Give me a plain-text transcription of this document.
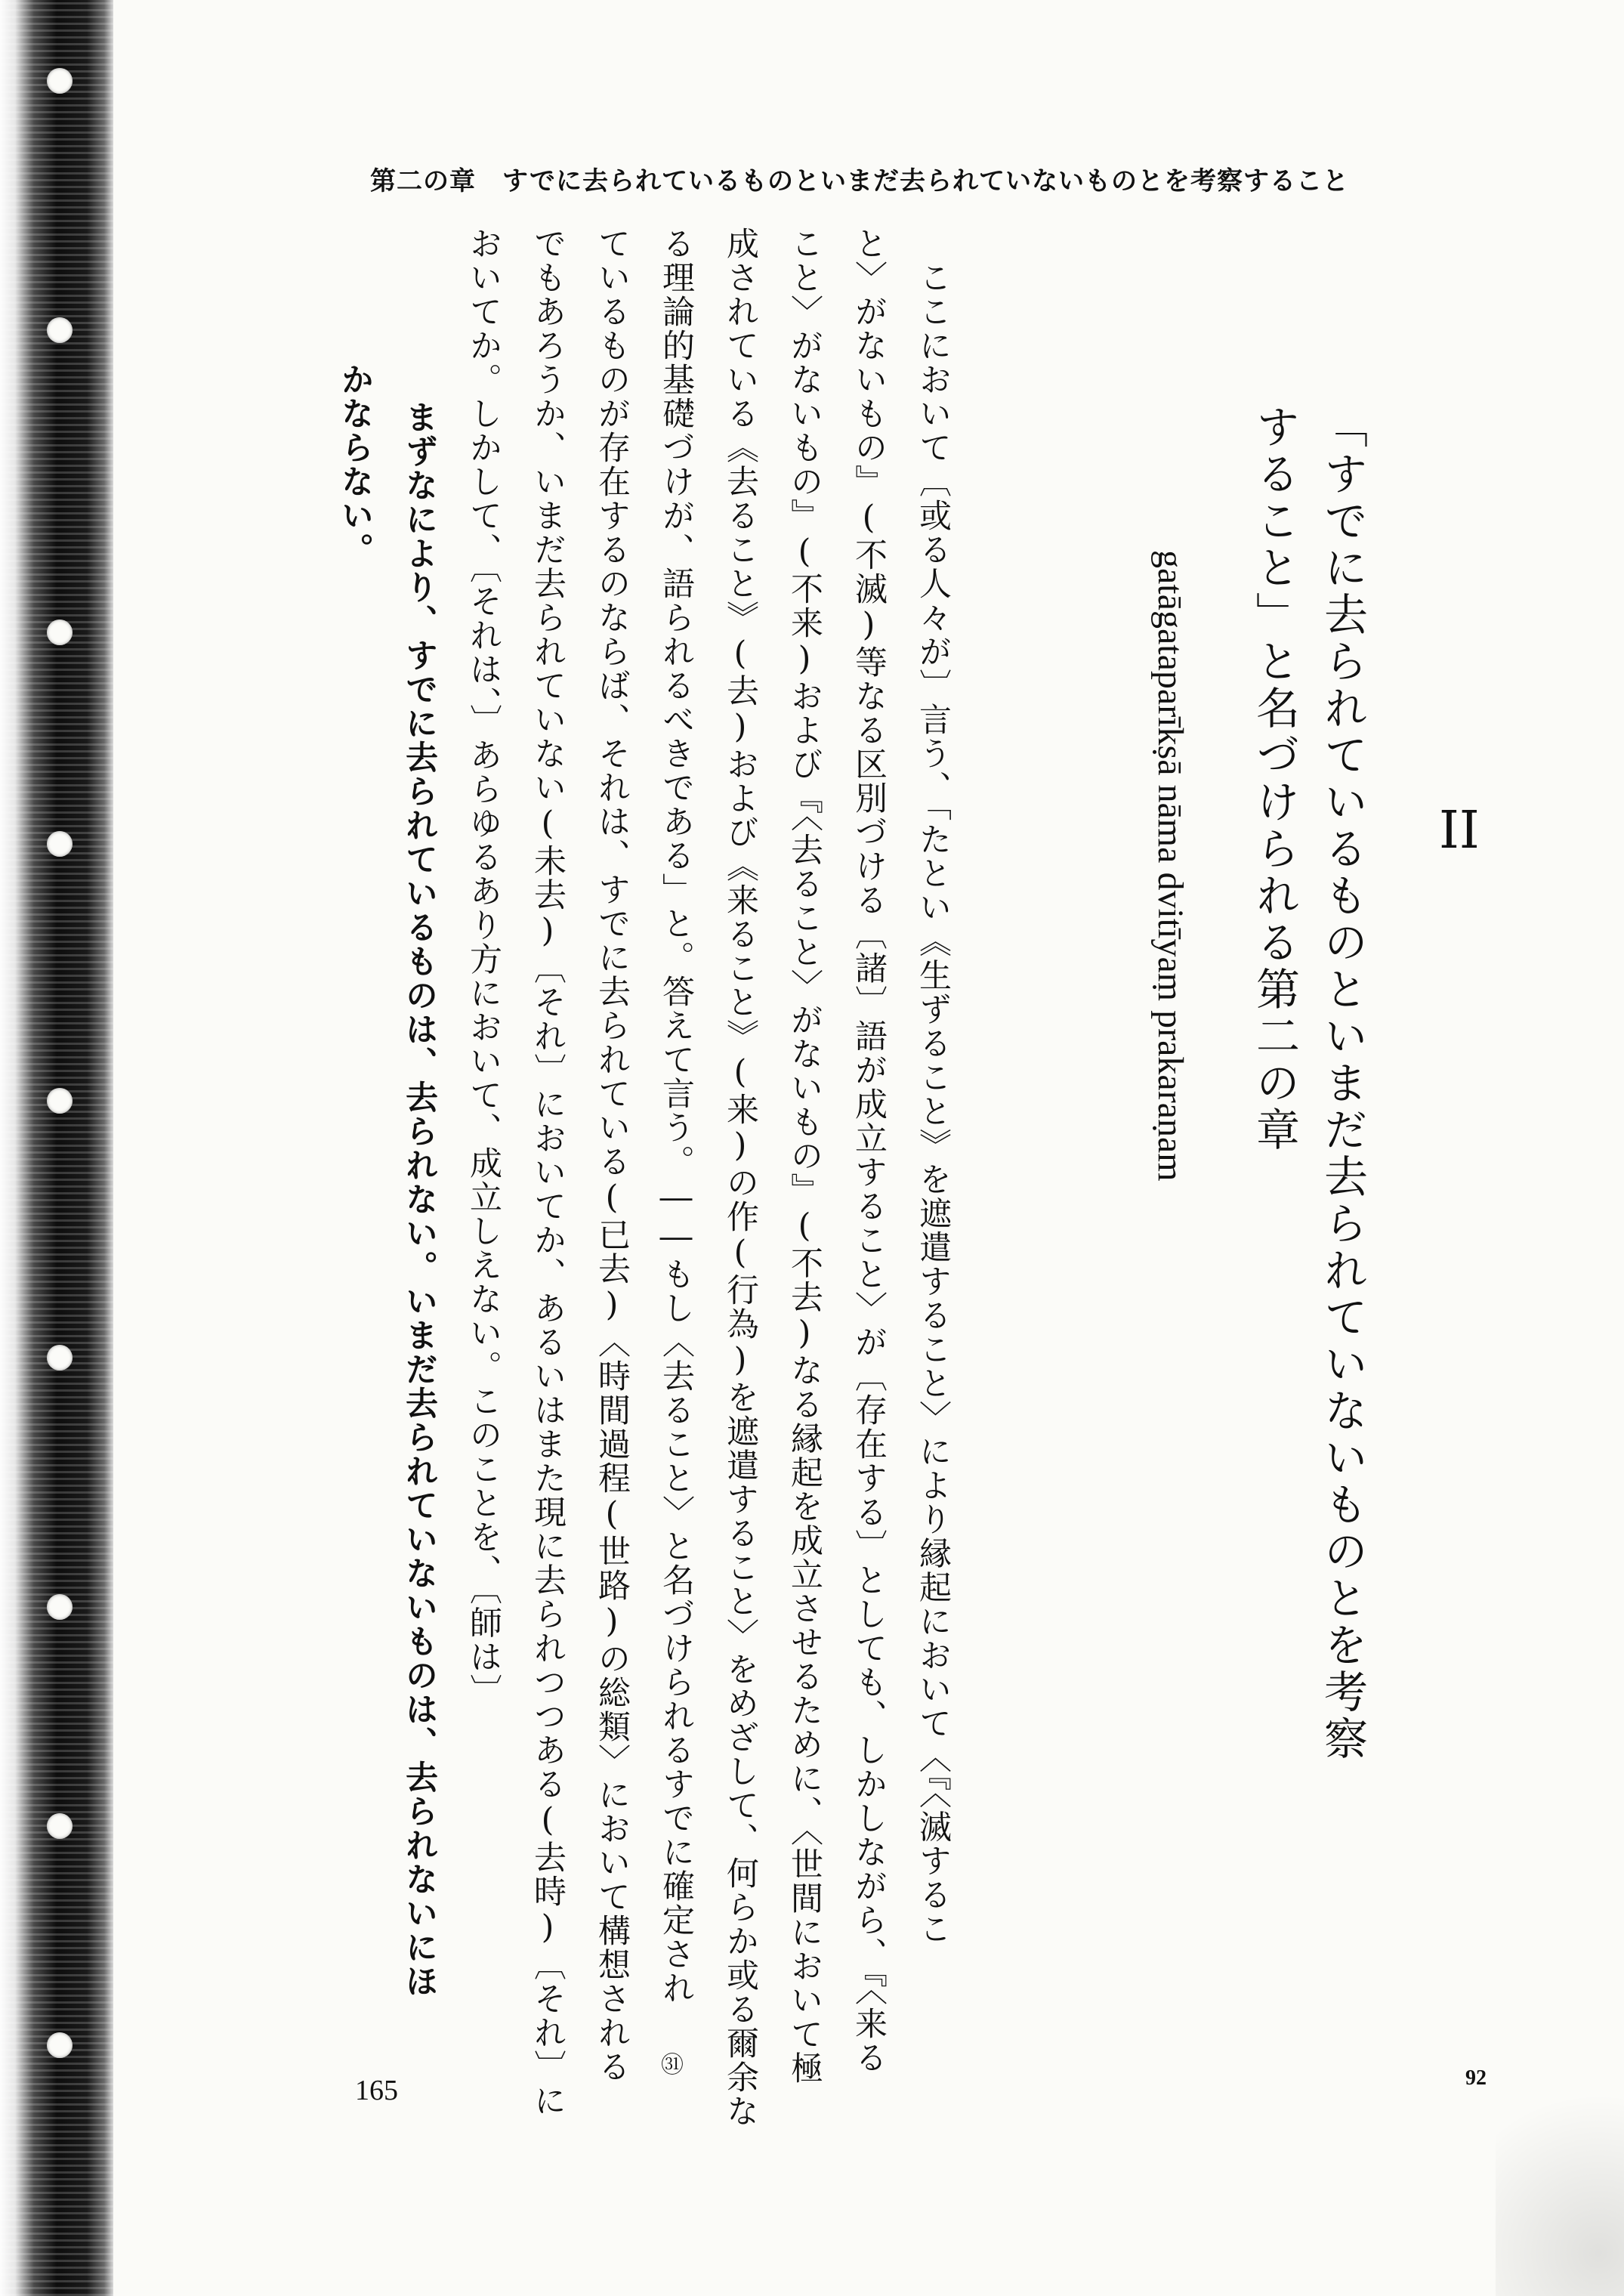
第二の章　すでに去られているものといまだ去られていないものとを考察すること
II
「すでに去られているものといまだ去られていないものとを考察
すること」と名づけられる第二の章
gatāgataparīkṣā nāma dvitīyaṃ prakaraṇam
ここにおいて〔或る人々が〕言う、「たとい《生ずること》を遮遣すること〉により縁起において〈『〈滅するこ
と〉がないもの』(不滅)等なる区別づける〔諸〕語が成立すること〉が〔存在する〕としても、しかしながら、『〈来る
こと〉がないもの』(不来)および『〈去ること〉がないもの』(不去)なる縁起を成立させるために、〈世間において極
成されている《去ること》(去)および《来ること》(来)の作(行為)を遮遣すること〉をめざして、何らか或る爾余な
る理論的基礎づけが、語られるべきである」と。答えて言う。――もし〈去ること〉と名づけられるすでに確定され
ているものが存在するのならば、それは、すでに去られている(已去)〈時間過程(世路)の総類〉において構想される
でもあろうか、いまだ去られていない(未去)〔それ〕においてか、あるいはまた現に去られつつある(去時)〔それ〕に
おいてか。しかして、〔それは、〕あらゆるあり方において、成立しえない。このことを、〔師は〕
まずなにより、すでに去られているものは、去られない。いまだ去られていないものは、去られないにほ
かならない。
㉛
165	92
